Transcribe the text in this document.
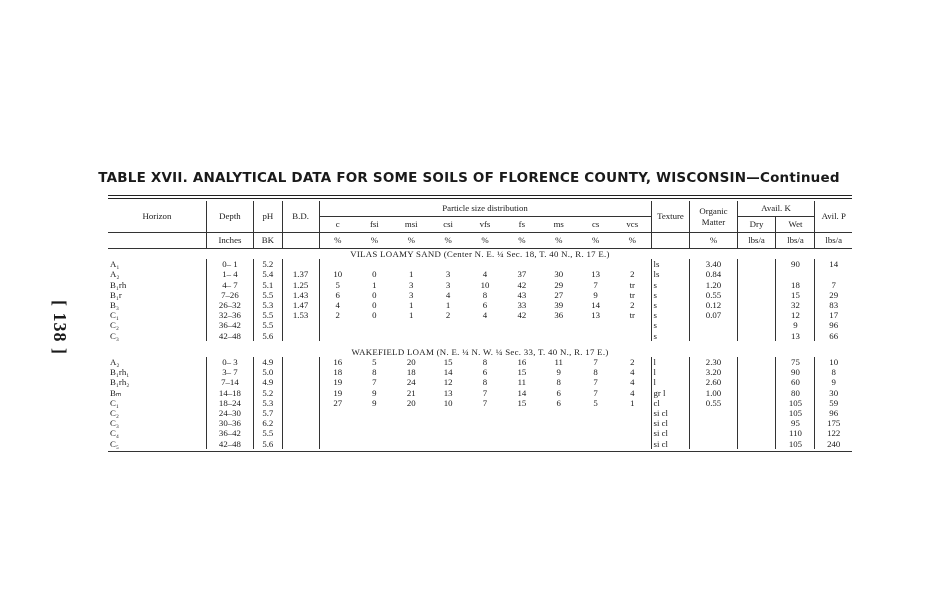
[ 138 ]
TABLE XVII. ANALYTICAL DATA FOR SOME SOILS OF FLORENCE COUNTY, WISCONSIN—Continued
Horizon	Depth	pH	B.D.	Particle size distribution									Texture	Organic Matter	Avail. K		Avil. P
				c	fsi	msi	csi	vfs	fs	ms	cs	vcs			Dry	Wet	
	Inches	BK		%	%	%	%	%	%	%	%	%		%	lbs/a	lbs/a	lbs/a
VILAS LOAMY SAND (Center N. E. ¼ Sec. 18, T. 40 N., R. 17 E.)																	
A₁	0– 1	5.2											ls	3.40		90	14
A₂	1– 4	5.4	1.37	10	0	1	3	4	37	30	13	2	ls	0.84			
B₁rh	4– 7	5.1	1.25	5	1	3	3	10	42	29	7	tr	s	1.20		18	7
B₁r	7–26	5.5	1.43	6	0	3	4	8	43	27	9	tr	s	0.55		15	29
B₃	26–32	5.3	1.47	4	0	1	1	6	33	39	14	2	s	0.12		32	83
C₁	32–36	5.5	1.53	2	0	1	2	4	42	36	13	tr	s	0.07		12	17
C₂	36–42	5.5											s			9	96
C₃	42–48	5.6											s			13	66

WAKEFIELD LOAM (N. E. ¼ N. W. ¼ Sec. 33, T. 40 N., R. 17 E.)																	
A₂	0– 3	4.9		16	5	20	15	8	16	11	7	2	l	2.30		75	10
B₁rh₁	3– 7	5.0		18	8	18	14	6	15	9	8	4	l	3.20		90	8
B₁rh₂	7–14	4.9		19	7	24	12	8	11	8	7	4	l	2.60		60	9
Bₘ	14–18	5.2		19	9	21	13	7	14	6	7	4	gr l	1.00		80	30
C₁	18–24	5.3		27	9	20	10	7	15	6	5	1	cl	0.55		105	59
C₂	24–30	5.7											si cl			105	96
C₃	30–36	6.2											si cl			95	175
C₄	36–42	5.5											si cl			110	122
C₅	42–48	5.6											si cl			105	240
